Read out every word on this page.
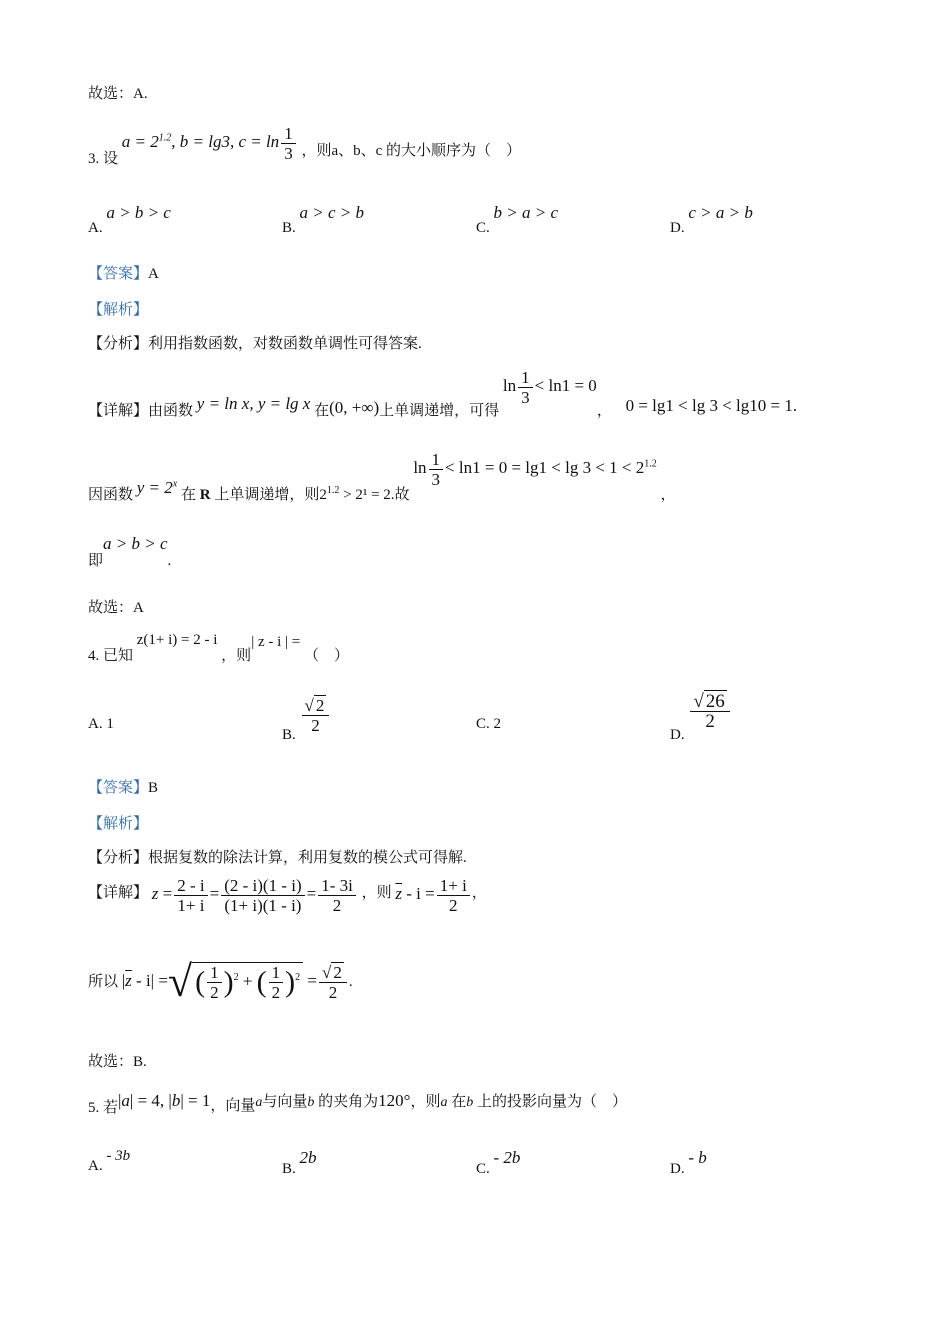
故选：A.
3. 设 $a = 2^{1.2}$, b = lg3, $c = \ln \frac{1}{3}$ ，则a、b、c 的大小顺序为（　）
A. a > b > c
B. a > c > b
C. b > a > c
D. c > a > b
【答案】A
【解析】
【分析】利用指数函数，对数函数单调性可得答案.
【详解】由函数 y = ln x, y = lg x 在(0, +∞)上单调递增，可得 $\ln \frac{1}{3} < \ln 1 = 0$， 0 = lg1 < lg 3 < lg10 = 1.
因函数 $y = 2^x$ 在 R 上单调递增，则$2^{1.2} > 2^1 = 2$.故 $\ln \frac{1}{3} < \ln 1 = 0 = \lg 1 < \lg 3 < 1 < 2^{1.2}$ ，
即a > b > c.
故选：A
4. 已知 z(1+ i) = 2 - i ，则| z - i | = （　）
A. 1
B. $\frac{√ 2}{2}$	C. 2
D.
$\frac{√ 26}{2}$
【答案】B
【解析】
【分析】根据复数的除法计算，利用复数的模公式可得解.
【详解】 $z = \frac{2 - i}{1+ i} = \frac{(2 - i)(1 - i)}{(1+ i)(1 - i)} = \frac{1- 3i}{2}$ ，则 $\overline{z} - i = \frac{1+ i}{2}$ ，
所以 $|\overline{z} - i|$ =√ ( $\frac{1}{2} )^2$ + ( $\frac{1}{2} )^2 = \frac{√ 2}{2}$ .
故选：B.
5. 若|a| = 4, |b| = 1，向量a与向量b 的夹角为120°，则a 在b 上的投影向量为（　）
A. - 3b
B. 2b
C. - 2b
D. - b
